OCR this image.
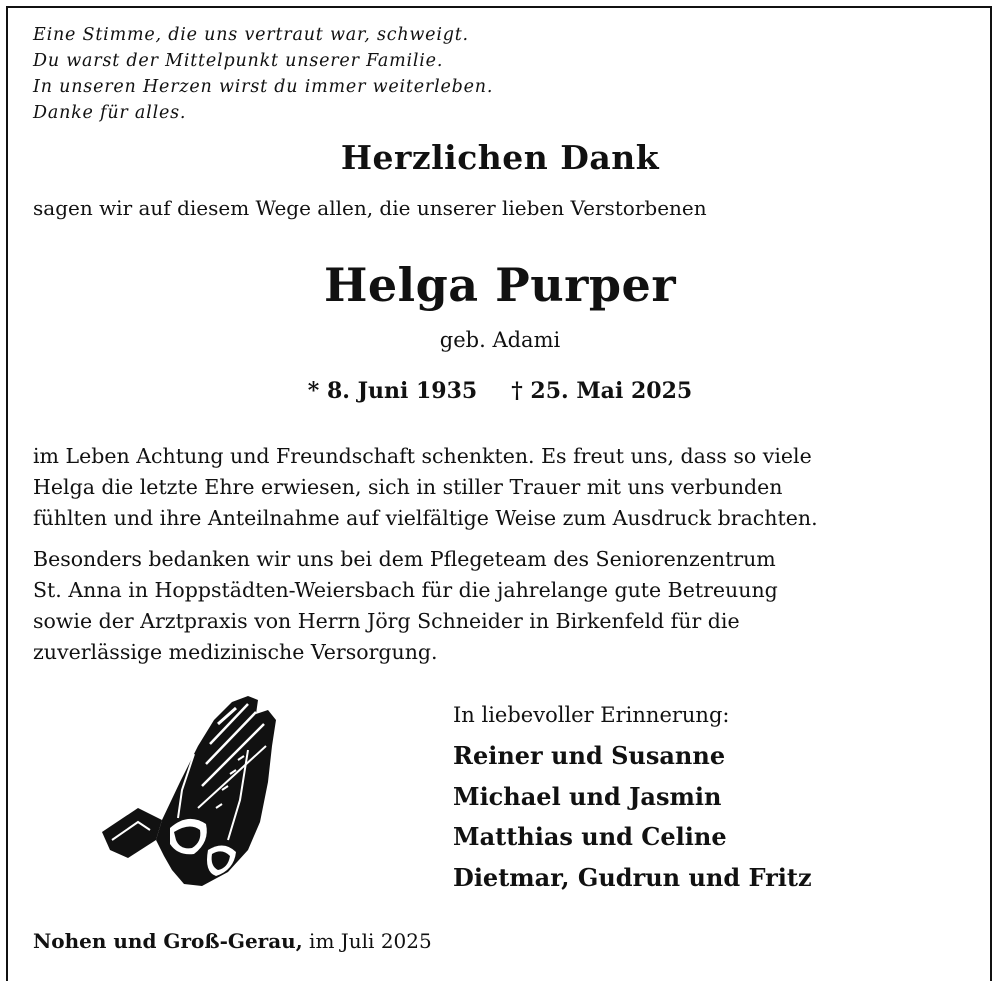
Eine Stimme, die uns vertraut war, schweigt.
Du warst der Mittelpunkt unserer Familie.
In unseren Herzen wirst du immer weiterleben.
Danke für alles.
Herzlichen Dank
sagen wir auf diesem Wege allen, die unserer lieben Verstorbenen
Helga Purper
geb. Adami
* 8. Juni 1935 † 25. Mai 2025
im Leben Achtung und Freundschaft schenkten. Es freut uns, dass so viele
Helga die letzte Ehre erwiesen, sich in stiller Trauer mit uns verbunden
fühlten und ihre Anteilnahme auf vielfältige Weise zum Ausdruck brachten.
Besonders bedanken wir uns bei dem Pflegeteam des Seniorenzentrum
St. Anna in Hoppstädten-Weiersbach für die jahrelange gute Betreuung
sowie der Arztpraxis von Herrn Jörg Schneider in Birkenfeld für die
zuverlässige medizinische Versorgung.
In liebevoller Erinnerung:
Reiner und Susanne
Michael und Jasmin
Matthias und Celine
Dietmar, Gudrun und Fritz
Nohen und Groß-Gerau, im Juli 2025
